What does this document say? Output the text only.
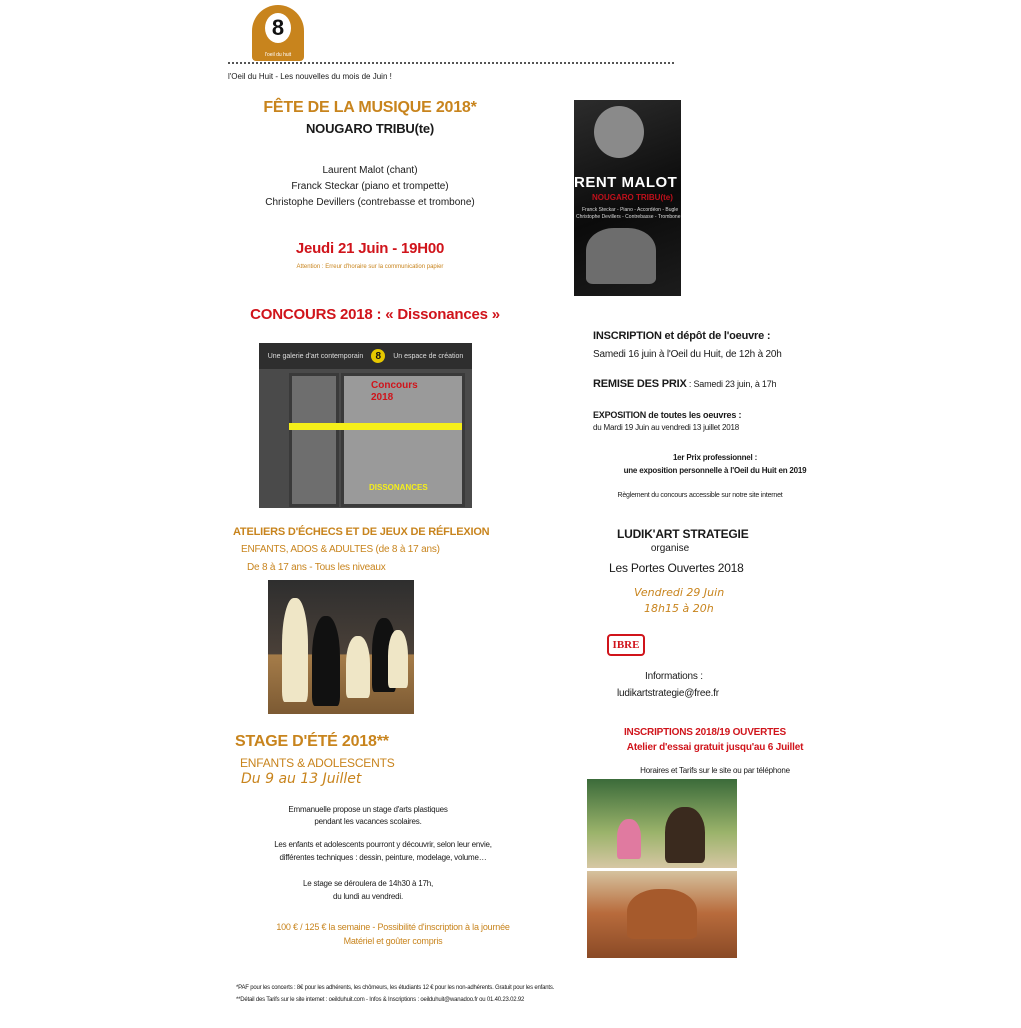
8
l'oeil du huit
l'Oeil du Huit - Les nouvelles du mois de Juin !
FÊTE DE LA MUSIQUE 2018*
NOUGARO TRIBU(te)
Laurent Malot (chant)
Franck Steckar (piano et trompette)
Christophe Devillers (contrebasse et trombone)
Jeudi 21 Juin - 19H00
Attention : Erreur d'horaire sur la communication papier
RENT MALOT
NOUGARO TRIBU(te)
Franck Steckar - Piano - Accordéon - Bugle
Christophe Devillers - Contrebasse - Trombone
CONCOURS 2018 : « Dissonances »
Une galerie d'art contemporain	8	Un espace de création
Concours
2018
DISSONANCES
INSCRIPTION et dépôt de l'oeuvre :
Samedi 16 juin à l'Oeil du Huit, de 12h à 20h
REMISE DES PRIX : Samedi 23 juin, à 17h
EXPOSITION de toutes les oeuvres :
du Mardi 19 Juin au vendredi 13 juillet 2018
1er Prix professionnel :
une exposition personnelle à l'Oeil du Huit en 2019
Règlement du concours accessible sur notre site internet
ATELIERS D'ÉCHECS ET DE JEUX DE RÉFLEXION
ENFANTS, ADOS & ADULTES (de 8 à 17 ans)
De 8 à 17 ans - Tous les niveaux
LUDIK'ART STRATEGIE
organise
Les Portes Ouvertes 2018
Vendredi 29 Juin
18h15 à 20h
IBRE
Informations :
ludikartstrategie@free.fr
STAGE D'ÉTÉ 2018**
ENFANTS & ADOLESCENTS
Du 9 au 13 Juillet
Emmanuelle propose un stage d'arts plastiques
pendant les vacances scolaires.
Les enfants et adolescents pourront y découvrir, selon leur envie,
différentes techniques : dessin, peinture, modelage, volume…
Le stage se déroulera de 14h30 à 17h,
du lundi au vendredi.
100 € / 125 € la semaine - Possibilité d'inscription à la journée
Matériel et goûter compris
INSCRIPTIONS 2018/19 OUVERTES
Atelier d'essai gratuit jusqu'au 6 Juillet
Horaires et Tarifs sur le site ou par téléphone
*PAF pour les concerts : 8€ pour les adhérents, les chômeurs, les étudiants 12 € pour les non-adhérents. Gratuit pour les enfants.
**Détail des Tarifs sur le site internet : oeilduhuit.com - Infos & Inscriptions : oeilduhuit@wanadoo.fr ou 01.40.23.02.92
